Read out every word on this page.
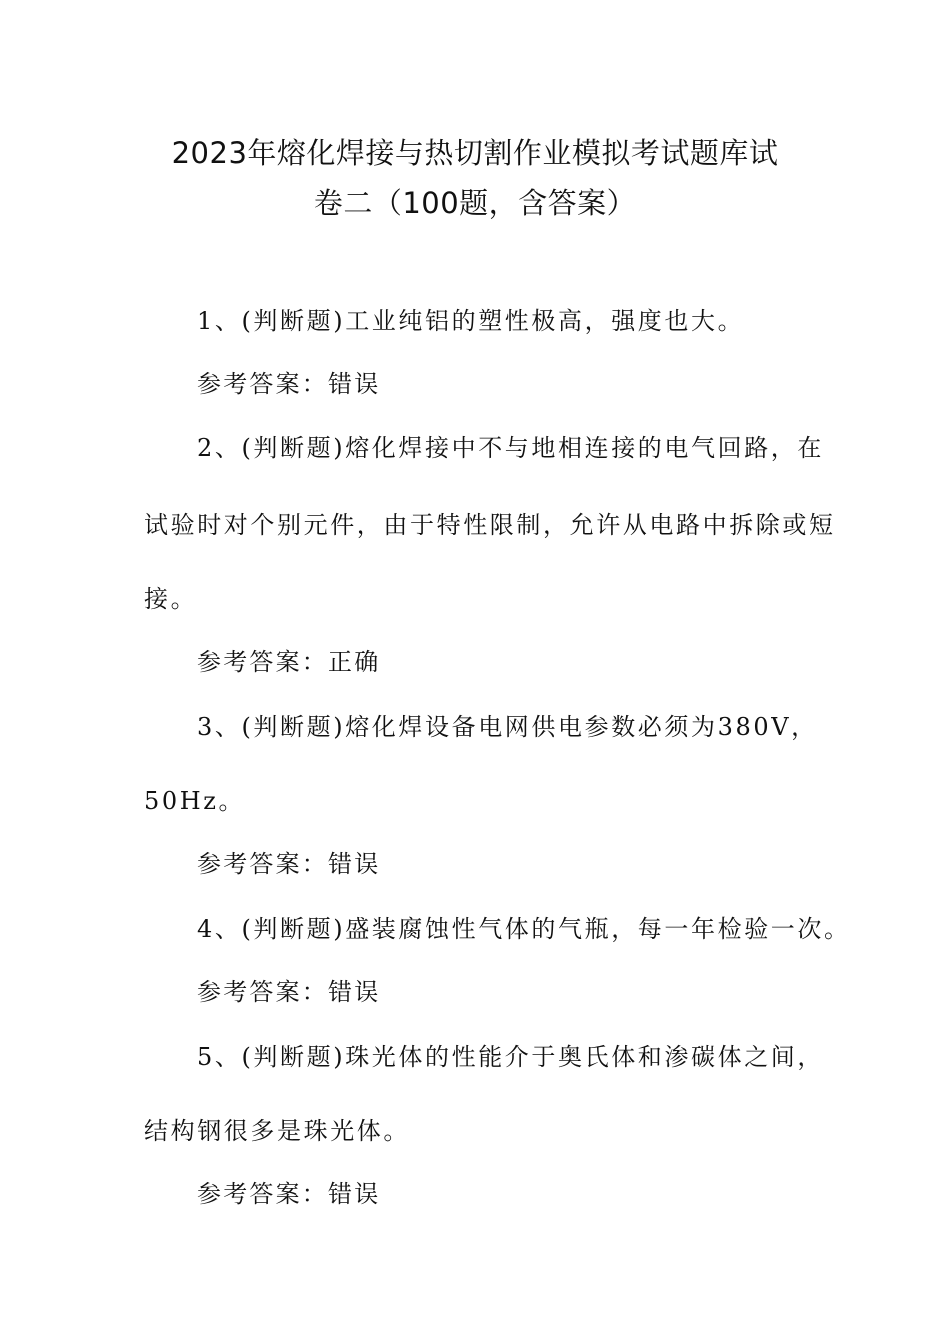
2023年熔化焊接与热切割作业模拟考试题库试
卷二（100题，含答案）
1、(判断题)工业纯铝的塑性极高，强度也大。
参考答案：错误
2、(判断题)熔化焊接中不与地相连接的电气回路，在
试验时对个别元件，由于特性限制，允许从电路中拆除或短
接。
参考答案：正确
3、(判断题)熔化焊设备电网供电参数必须为380V，
50Hz。
参考答案：错误
4、(判断题)盛装腐蚀性气体的气瓶，每一年检验一次。
参考答案：错误
5、(判断题)珠光体的性能介于奥氏体和渗碳体之间，
结构钢很多是珠光体。
参考答案：错误
